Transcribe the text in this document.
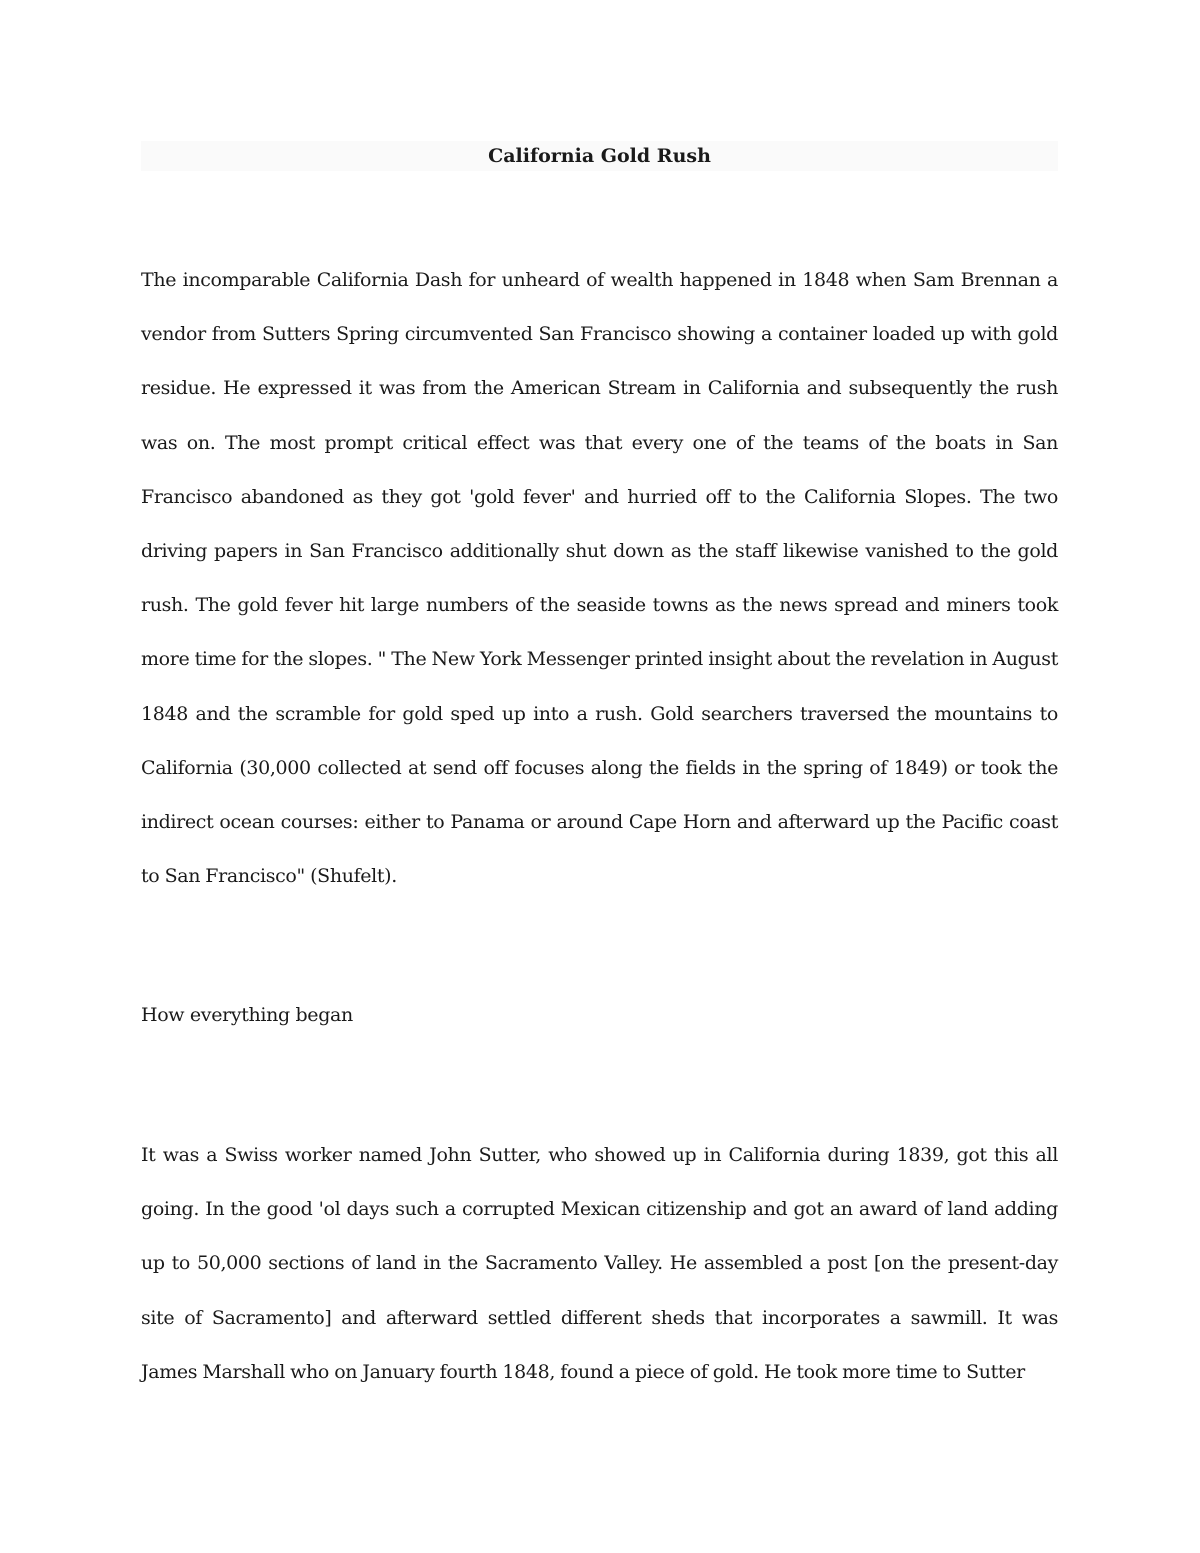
California Gold Rush

The incomparable California Dash for unheard of wealth happened in 1848 when Sam Brennan a vendor from Sutters Spring circumvented San Francisco showing a container loaded up with gold residue. He expressed it was from the American Stream in California and subsequently the rush was on. The most prompt critical effect was that every one of the teams of the boats in San Francisco abandoned as they got 'gold fever' and hurried off to the California Slopes. The two driving papers in San Francisco additionally shut down as the staff likewise vanished to the gold rush. The gold fever hit large numbers of the seaside towns as the news spread and miners took more time for the slopes. " The New York Messenger printed insight about the revelation in August 1848 and the scramble for gold sped up into a rush. Gold searchers traversed the mountains to California (30,000 collected at send off focuses along the fields in the spring of 1849) or took the indirect ocean courses: either to Panama or around Cape Horn and afterward up the Pacific coast to San Francisco" (Shufelt).

How everything began

It was a Swiss worker named John Sutter, who showed up in California during 1839, got this all going. In the good 'ol days such a corrupted Mexican citizenship and got an award of land adding up to 50,000 sections of land in the Sacramento Valley. He assembled a post [on the present-day site of Sacramento] and afterward settled different sheds that incorporates a sawmill. It was James Marshall who on January fourth 1848, found a piece of gold. He took more time to Sutter
